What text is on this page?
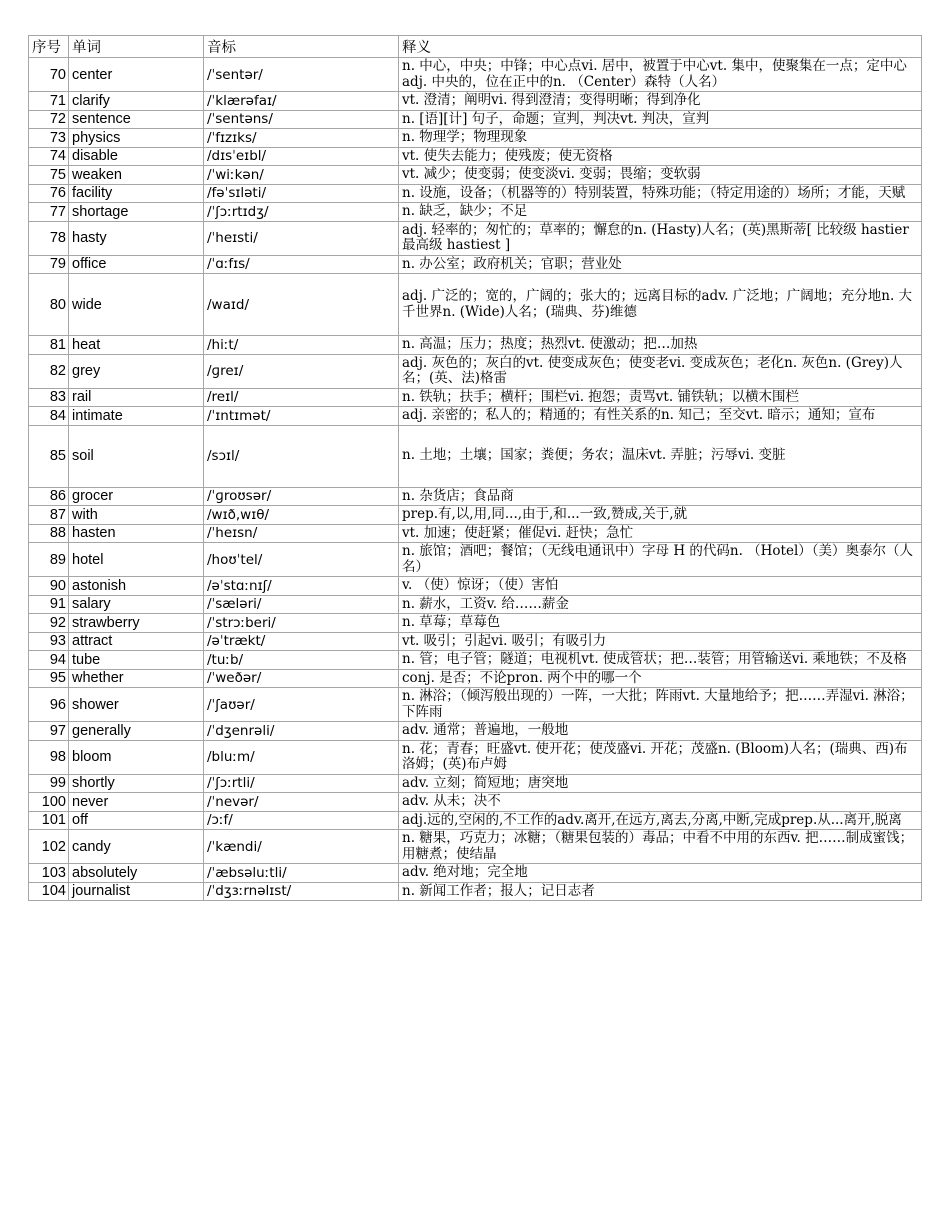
序号	单词	音标	释义
70	center	/ˈsentər/	n. 中心，中央；中锋；中心点vi. 居中，被置于中心vt. 集中，使聚集在一点；定中心adj. 中央的，位在正中的n. （Center）森特（人名）
71	clarify	/ˈklærəfaɪ/	vt. 澄清；阐明vi. 得到澄清；变得明晰；得到净化
72	sentence	/ˈsentəns/	n. [语][计] 句子，命题；宣判，判决vt. 判决，宣判
73	physics	/ˈfɪzɪks/	n. 物理学；物理现象
74	disable	/dɪsˈeɪbl/	vt. 使失去能力；使残废；使无资格
75	weaken	/ˈwiːkən/	vt. 减少；使变弱；使变淡vi. 变弱；畏缩；变软弱
76	facility	/fəˈsɪləti/	n. 设施，设备；（机器等的）特别装置，特殊功能；（特定用途的）场所；才能，天赋
77	shortage	/ˈʃɔːrtɪdʒ/	n. 缺乏，缺少；不足
78	hasty	/ˈheɪsti/	adj. 轻率的；匆忙的；草率的；懈怠的n. (Hasty)人名；(英)黑斯蒂[ 比较级 hastier 最高级 hastiest ]
79	office	/ˈɑːfɪs/	n. 办公室；政府机关；官职；营业处
80	wide	/waɪd/	adj. 广泛的；宽的，广阔的；张大的；远离目标的adv. 广泛地；广阔地；充分地n. 大千世界n. (Wide)人名；(瑞典、芬)维德
81	heat	/hiːt/	n. 高温；压力；热度；热烈vt. 使激动；把…加热
82	grey	/ɡreɪ/	adj. 灰色的；灰白的vt. 使变成灰色；使变老vi. 变成灰色；老化n. 灰色n. (Grey)人名；(英、法)格雷
83	rail	/reɪl/	n. 铁轨；扶手；横杆；围栏vi. 抱怨；责骂vt. 铺铁轨；以横木围栏
84	intimate	/ˈɪntɪmət/	adj. 亲密的；私人的；精通的；有性关系的n. 知己；至交vt. 暗示；通知；宣布
85	soil	/sɔɪl/	n. 土地；土壤；国家；粪便；务农；温床vt. 弄脏；污辱vi. 变脏
86	grocer	/ˈɡroʊsər/	n. 杂货店；食品商
87	with	/wɪð,wɪθ/	prep.有,以,用,同...,由于,和...一致,赞成,关于,就
88	hasten	/ˈheɪsn/	vt. 加速；使赶紧；催促vi. 赶快；急忙
89	hotel	/hoʊˈtel/	n. 旅馆；酒吧；餐馆；（无线电通讯中）字母 H 的代码n. （Hotel）（美）奥泰尔（人名）
90	astonish	/əˈstɑːnɪʃ/	v. （使）惊讶；（使）害怕
91	salary	/ˈsæləri/	n. 薪水，工资v. 给……薪金
92	strawberry	/ˈstrɔːberi/	n. 草莓；草莓色
93	attract	/əˈtrækt/	vt. 吸引；引起vi. 吸引；有吸引力
94	tube	/tuːb/	n. 管；电子管；隧道；电视机vt. 使成管状；把…装管；用管输送vi. 乘地铁；不及格
95	whether	/ˈweðər/	conj. 是否；不论pron. 两个中的哪一个
96	shower	/ˈʃaʊər/	n. 淋浴；（倾泻般出现的）一阵，一大批；阵雨vt. 大量地给予；把……弄湿vi. 淋浴；下阵雨
97	generally	/ˈdʒenrəli/	adv. 通常；普遍地，一般地
98	bloom	/bluːm/	n. 花；青春；旺盛vt. 使开花；使茂盛vi. 开花；茂盛n. (Bloom)人名；(瑞典、西)布洛姆；(英)布卢姆
99	shortly	/ˈʃɔːrtli/	adv. 立刻；简短地；唐突地
100	never	/ˈnevər/	adv. 从未；决不
101	off	/ɔːf/	adj.远的,空闲的,不工作的adv.离开,在远方,离去,分离,中断,完成prep.从...离开,脱离
102	candy	/ˈkændi/	n. 糖果，巧克力；冰糖；（糖果包装的）毒品；中看不中用的东西v. 把……制成蜜饯；用糖煮；使结晶
103	absolutely	/ˈæbsəluːtli/	adv. 绝对地；完全地
104	journalist	/ˈdʒɜːrnəlɪst/	n. 新闻工作者；报人；记日志者
